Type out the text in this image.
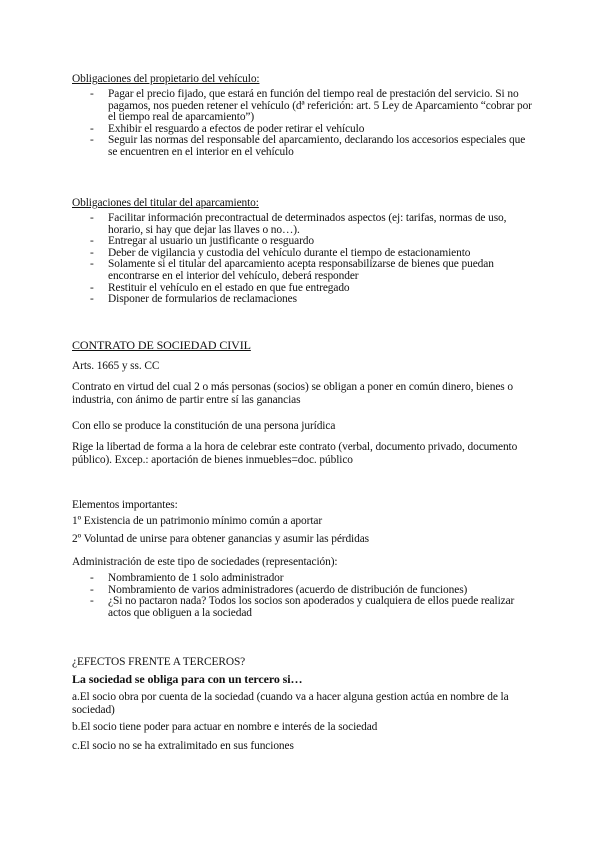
Obligaciones del propietario del vehículo:
- Pagar el precio fijado, que estará en función del tiempo real de prestación del servicio. Si no pagamos, nos pueden retener el vehículo (dª referición: art. 5 Ley de Aparcamiento “cobrar por el tiempo real de aparcamiento”)
- Exhibir el resguardo a efectos de poder retirar el vehículo
- Seguir las normas del responsable del aparcamiento, declarando los accesorios especiales que se encuentren en el interior en el vehículo
Obligaciones del titular del aparcamiento:
- Facilitar información precontractual de determinados aspectos (ej: tarifas, normas de uso, horario, si hay que dejar las llaves o no…).
- Entregar al usuario un justificante o resguardo
- Deber de vigilancia y custodia del vehículo durante el tiempo de estacionamiento
- Solamente si el titular del aparcamiento acepta responsabilizarse de bienes que puedan encontrarse en el interior del vehículo, deberá responder
- Restituir el vehículo en el estado en que fue entregado
- Disponer de formularios de reclamaciones
CONTRATO DE SOCIEDAD CIVIL
Arts. 1665 y ss. CC
Contrato en virtud del cual 2 o más personas (socios) se obligan a poner en común dinero, bienes o industria, con ánimo de partir entre sí las ganancias
Con ello se produce la constitución de una persona jurídica
Rige la libertad de forma a la hora de celebrar este contrato (verbal, documento privado, documento público). Excep.: aportación de bienes inmuebles=doc. público
Elementos importantes:
1º Existencia de un patrimonio mínimo común a aportar
2º Voluntad de unirse para obtener ganancias y asumir las pérdidas
Administración de este tipo de sociedades (representación):
- Nombramiento de 1 solo administrador
- Nombramiento de varios administradores (acuerdo de distribución de funciones)
- ¿Si no pactaron nada? Todos los socios son apoderados y cualquiera de ellos puede realizar actos que obliguen a la sociedad
¿EFECTOS FRENTE A TERCEROS?
La sociedad se obliga para con un tercero si…
a.El socio obra por cuenta de la sociedad (cuando va a hacer alguna gestion actúa en nombre de la sociedad)
b.El socio tiene poder para actuar en nombre e interés de la sociedad
c.El socio no se ha extralimitado en sus funciones
